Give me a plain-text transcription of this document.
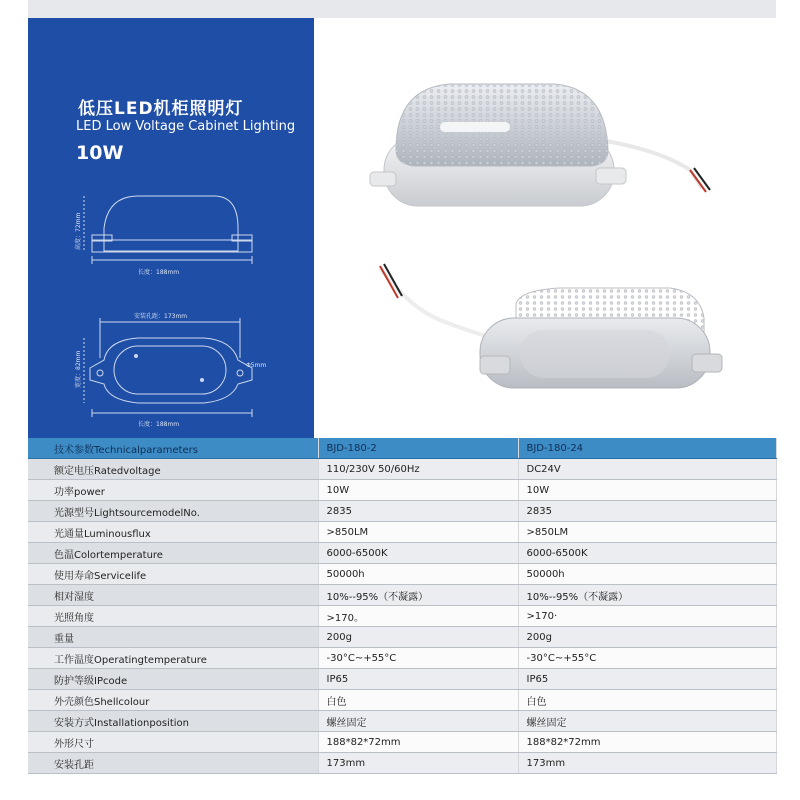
低压LED机柜照明灯
LED Low Voltage Cabinet Lighting
10W
高度：72mm
长度：188mm
安装孔距：173mm
宽度：82mm	Φ5mm
长度：188mm
技术参数Technicalparameters	BJD-180-2	BJD-180-24
额定电压Ratedvoltage	110/230V 50/60Hz	DC24V
功率power	10W	10W
光源型号LightsourcemodelNo.	2835	2835
光通量Luminousflux	>850LM	>850LM
色温Colortemperature	6000-6500K	6000-6500K
使用寿命Servicelife	50000h	50000h
相对湿度	10%--95%（不凝露）	10%--95%（不凝露）
光照角度	>170。	>170·
重量	200g	200g
工作温度Operatingtemperature	-30°C~+55°C	-30°C~+55°C
防护等级IPcode	IP65	IP65
外壳颜色Shellcolour	白色	白色
安装方式Installationposition	螺丝固定	螺丝固定
外形尺寸	188*82*72mm	188*82*72mm
安装孔距	173mm	173mm
